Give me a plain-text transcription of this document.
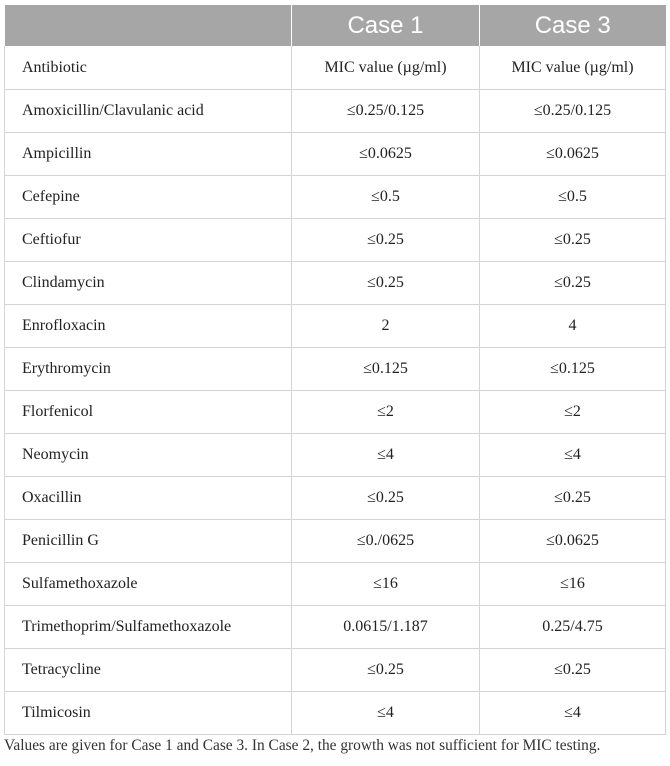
	Case 1	Case 3
Antibiotic	MIC value (µg/ml)	MIC value (µg/ml)
Amoxicillin/Clavulanic acid	≤0.25/0.125	≤0.25/0.125
Ampicillin	≤0.0625	≤0.0625
Cefepine	≤0.5	≤0.5
Ceftiofur	≤0.25	≤0.25
Clindamycin	≤0.25	≤0.25
Enrofloxacin	2	4
Erythromycin	≤0.125	≤0.125
Florfenicol	≤2	≤2
Neomycin	≤4	≤4
Oxacillin	≤0.25	≤0.25
Penicillin G	≤0./0625	≤0.0625
Sulfamethoxazole	≤16	≤16
Trimethoprim/Sulfamethoxazole	0.0615/1.187	0.25/4.75
Tetracycline	≤0.25	≤0.25
Tilmicosin	≤4	≤4
Values are given for Case 1 and Case 3. In Case 2, the growth was not sufficient for MIC testing.
